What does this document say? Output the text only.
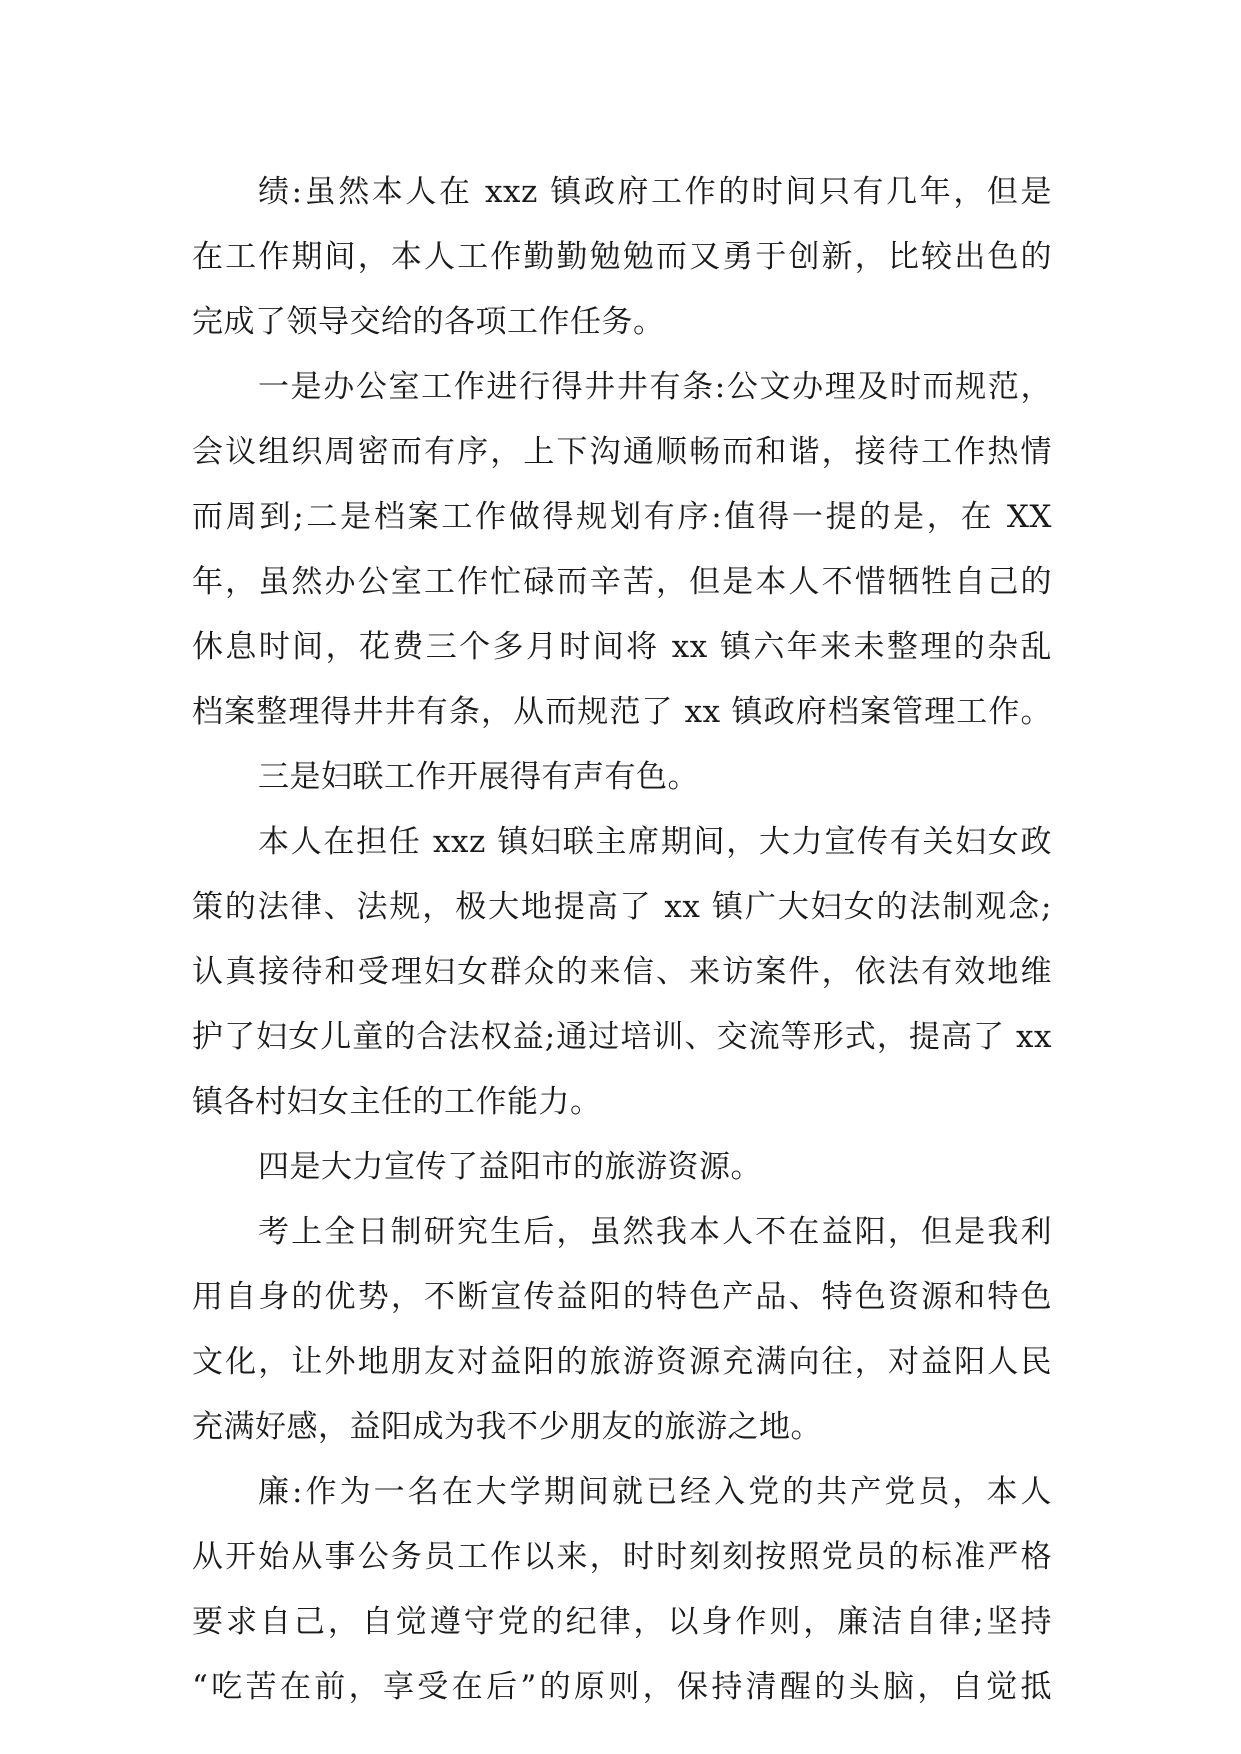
绩:虽然本人在 xxz 镇政府工作的时间只有几年，但是
在工作期间，本人工作勤勤勉勉而又勇于创新，比较出色的
完成了领导交给的各项工作任务。
一是办公室工作进行得井井有条:公文办理及时而规范，
会议组织周密而有序，上下沟通顺畅而和谐，接待工作热情
而周到;二是档案工作做得规划有序:值得一提的是，在 XX
年，虽然办公室工作忙碌而辛苦，但是本人不惜牺牲自己的
休息时间，花费三个多月时间将 xx 镇六年来未整理的杂乱
档案整理得井井有条，从而规范了 xx 镇政府档案管理工作。
三是妇联工作开展得有声有色。
本人在担任 xxz 镇妇联主席期间，大力宣传有关妇女政
策的法律、法规，极大地提高了 xx 镇广大妇女的法制观念;
认真接待和受理妇女群众的来信、来访案件，依法有效地维
护了妇女儿童的合法权益;通过培训、交流等形式，提高了 xx
镇各村妇女主任的工作能力。
四是大力宣传了益阳市的旅游资源。
考上全日制研究生后，虽然我本人不在益阳，但是我利
用自身的优势，不断宣传益阳的特色产品、特色资源和特色
文化，让外地朋友对益阳的旅游资源充满向往，对益阳人民
充满好感，益阳成为我不少朋友的旅游之地。
廉:作为一名在大学期间就已经入党的共产党员，本人
从开始从事公务员工作以来，时时刻刻按照党员的标准严格
要求自己，自觉遵守党的纪律，以身作则，廉洁自律;坚持
“吃苦在前，享受在后”的原则，保持清醒的头脑，自觉抵
